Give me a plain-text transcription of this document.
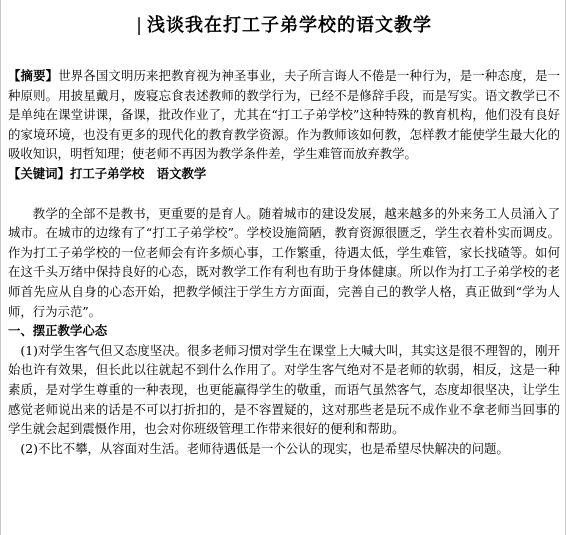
| 浅谈我在打工子弟学校的语文教学

【摘要】世界各国文明历来把教育视为神圣事业，夫子所言诲人不倦是一种行为，是一种态度，是一种原则。用披星戴月，废寝忘食表述教师的教学行为，已经不是修辞手段，而是写实。语文教学已不是单纯在课堂讲课，备课，批改作业了，尤其在“打工子弟学校”这种特殊的教育机构，他们没有良好的家境环境，也没有更多的现代化的教育教学资源。作为教师该如何教，怎样教才能使学生最大化的吸收知识，明哲知理；使老师不再因为教学条件差，学生难管而放弃教学。

【关键词】打工子弟学校　语文教学

教学的全部不是教书，更重要的是育人。随着城市的建设发展，越来越多的外来务工人员涌入了城市。在城市的边缘有了“打工子弟学校”。学校设施简陋，教育资源很匮乏，学生衣着朴实而调皮。作为打工子弟学校的一位老师会有许多烦心事，工作繁重，待遇太低，学生难管，家长找碴等。如何在这千头万绪中保持良好的心态，既对教学工作有利也有助于身体健康。所以作为打工子弟学校的老师首先应从自身的心态开始，把教学倾注于学生方方面面，完善自己的教学人格，真正做到“学为人师，行为示范”。

一、摆正教学心态

(1)对学生客气但又态度坚决。很多老师习惯对学生在课堂上大喊大叫，其实这是很不理智的，刚开始也许有效果，但长此以往就起不到什么作用了。对学生客气绝对不是老师的软弱，相反，这是一种素质，是对学生尊重的一种表现，也更能赢得学生的敬重，而语气虽然客气，态度却很坚决，让学生感觉老师说出来的话是不可以打折扣的，是不容置疑的，这对那些老是玩不成作业不拿老师当回事的学生就会起到震慑作用，也会对你班级管理工作带来很好的便利和帮助。

(2)不比不攀，从容面对生活。老师待遇低是一个公认的现实，也是希望尽快解决的问题。
